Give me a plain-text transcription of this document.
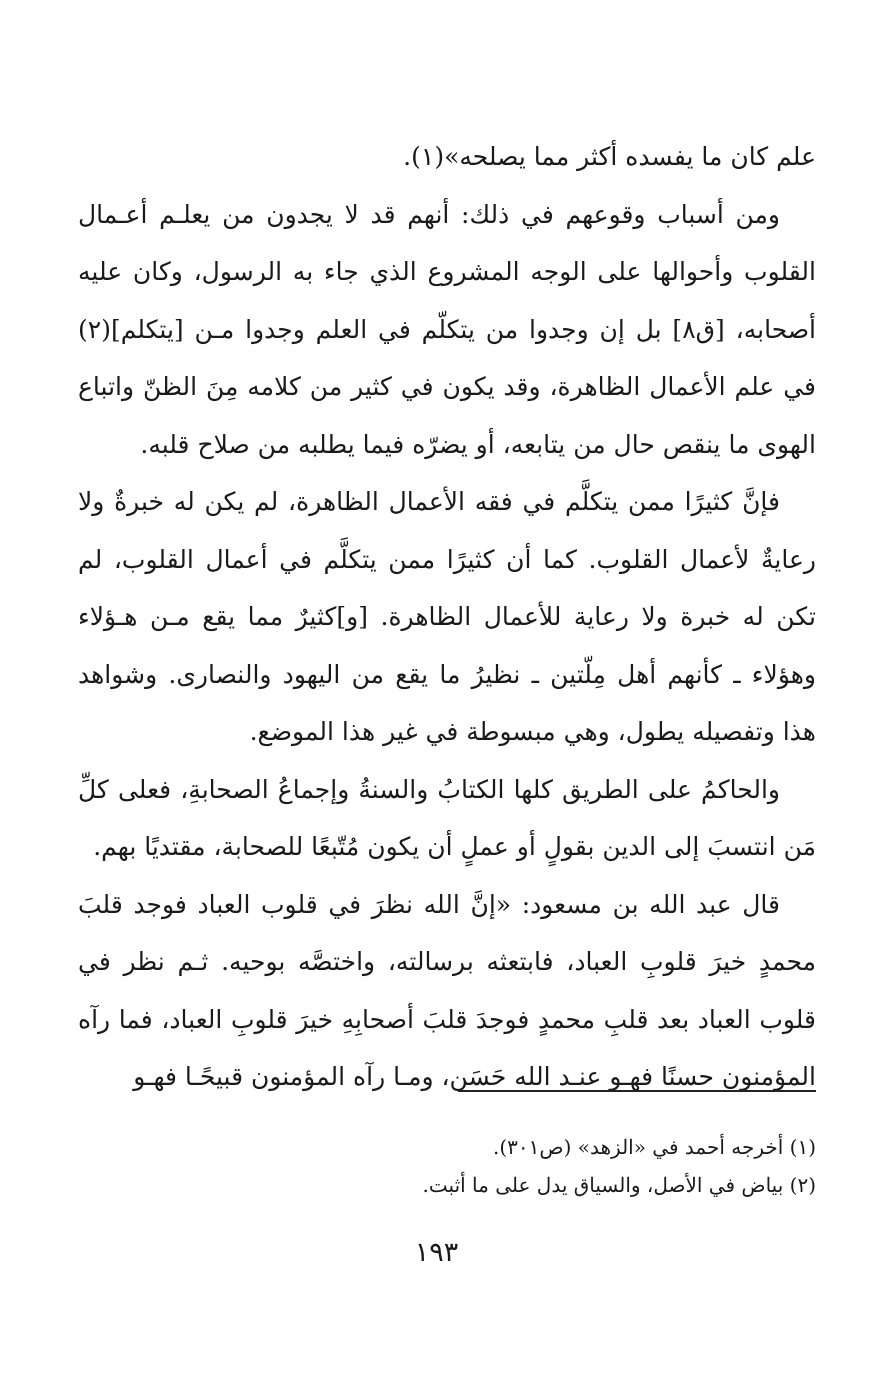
علم كان ما يفسده أكثر مما يصلحه»(١).

ومن أسباب وقوعهم في ذلك: أنهم قد لا يجدون من يعلـم أعـمال القلوب وأحوالها على الوجه المشروع الذي جاء به الرسول، وكان عليه أصحابه، [ق٨] بل إن وجدوا من يتكلّم في العلم وجدوا مـن [يتكلم](٢) في علم الأعمال الظاهرة، وقد يكون في كثير من كلامه مِنَ الظنّ واتباع الهوى ما ينقص حال من يتابعه، أو يضرّه فيما يطلبه من صلاح قلبه.

فإنَّ كثيرًا ممن يتكلَّم في فقه الأعمال الظاهرة، لم يكن له خبرةٌ ولا رعايةٌ لأعمال القلوب. كما أن كثيرًا ممن يتكلَّم في أعمال القلوب، لم تكن له خبرة ولا رعاية للأعمال الظاهرة. [و]كثيرٌ مما يقع مـن هـؤلاء وهؤلاء ـ كأنهم أهل مِلّتين ـ نظيرُ ما يقع من اليهود والنصارى. وشواهد هذا وتفصيله يطول، وهي مبسوطة في غير هذا الموضع.

والحاكمُ على الطريق كلها الكتابُ والسنةُ وإجماعُ الصحابةِ، فعلى كلِّ مَن انتسبَ إلى الدين بقولٍ أو عملٍ أن يكون مُتّبعًا للصحابة، مقتديًا بهم.

قال عبد الله بن مسعود: «إنَّ الله نظرَ في قلوب العباد فوجد قلبَ محمدٍ خيرَ قلوبِ العباد، فابتعثه برسالته، واختصَّه بوحيه. ثـم نظر في قلوب العباد بعد قلبِ محمدٍ فوجدَ قلبَ أصحابِهِ خيرَ قلوبِ العباد، فما رآه المؤمنون حسنًا فهـو عنـد الله حَسَن، ومـا رآه المؤمنون قبيحًـا فهـو

(١) أخرجه أحمد في «الزهد» (ص٣٠١).

(٢) بياض في الأصل، والسياق يدل على ما أثبت.

١٩٣
